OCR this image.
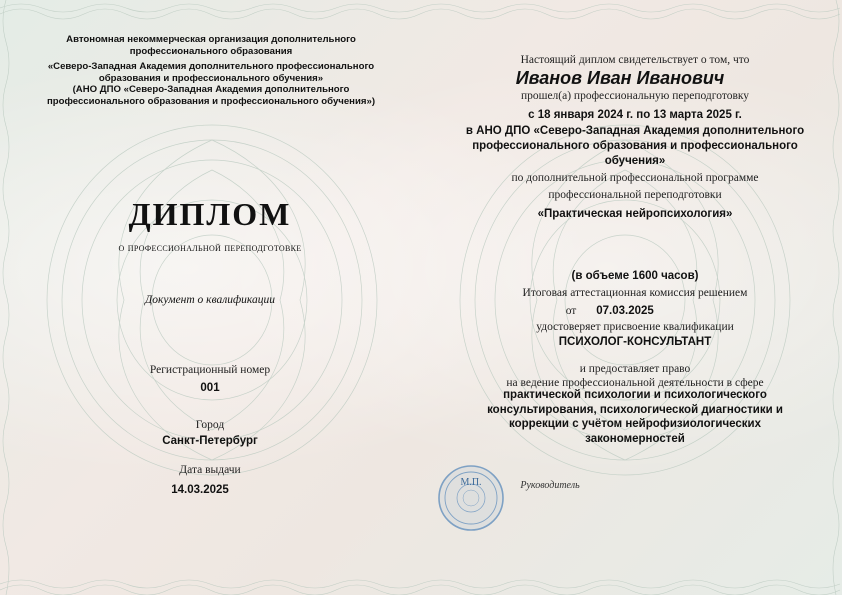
Автономная некоммерческая организация дополнительного
профессионального образования
«Северо-Западная Академия дополнительного профессионального
образования и профессионального обучения»
(АНО ДПО «Северо-Западная Академия дополнительного
профессионального образования и профессионального обучения»)
ДИПЛОМ
о профессиональной переподготовке
Документ о квалификации
Регистрационный номер
001
Город
Санкт-Петербург
Дата выдачи
14.03.2025
Настоящий диплом свидетельствует о том, что
Иванов Иван Иванович
прошел(а) профессиональную переподготовку
с 18 января 2024 г. по 13 марта 2025 г.
в АНО ДПО «Северо-Западная Академия дополнительного
профессионального образования и профессионального
обучения»
по дополнительной профессиональной программе
профессиональной переподготовки
«Практическая нейропсихология»
(в объеме 1600 часов)
Итоговая аттестационная комиссия решением
от	07.03.2025
удостоверяет присвоение квалификации
ПСИХОЛОГ-КОНСУЛЬТАНТ
и предоставляет право
на ведение профессиональной деятельности в сфере
практической психологии и психологического
консультирования, психологической диагностики и
коррекции с учётом нейрофизиологических
закономерностей
М.П.	Руководитель
